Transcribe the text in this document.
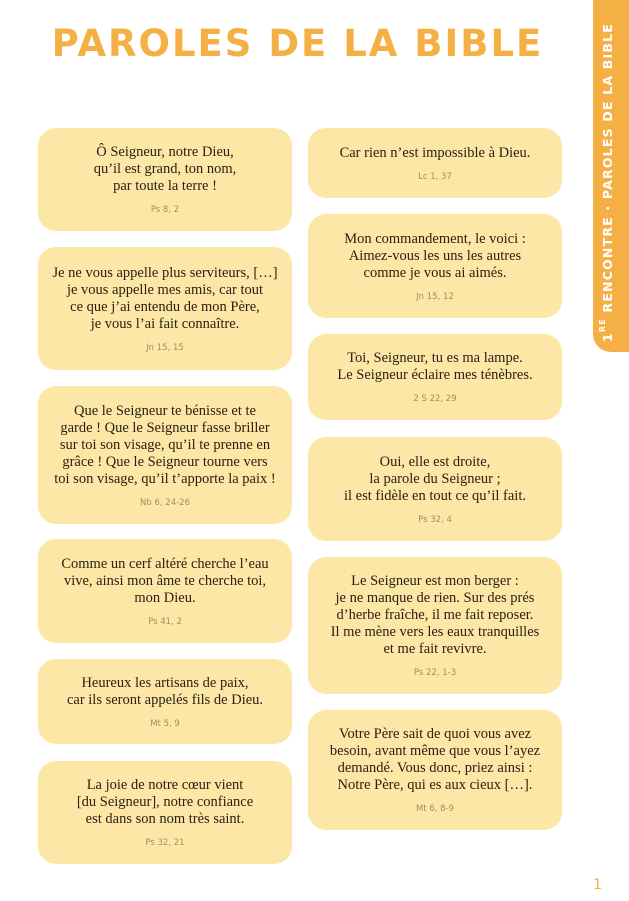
PAROLES DE LA BIBLE
1RE RENCONTRE · PAROLES DE LA BIBLE
Ô Seigneur, notre Dieu,
qu’il est grand, ton nom,
par toute la terre !
Ps 8, 2
Je ne vous appelle plus serviteurs, […]
je vous appelle mes amis, car tout
ce que j’ai entendu de mon Père,
je vous l’ai fait connaître.
Jn 15, 15
Que le Seigneur te bénisse et te
garde ! Que le Seigneur fasse briller
sur toi son visage, qu’il te prenne en
grâce ! Que le Seigneur tourne vers
toi son visage, qu’il t’apporte la paix !
Nb 6, 24-26
Comme un cerf altéré cherche l’eau
vive, ainsi mon âme te cherche toi,
mon Dieu.
Ps 41, 2
Heureux les artisans de paix,
car ils seront appelés fils de Dieu.
Mt 5, 9
La joie de notre cœur vient
[du Seigneur], notre confiance
est dans son nom très saint.
Ps 32, 21
Car rien n’est impossible à Dieu.
Lc 1, 37
Mon commandement, le voici :
Aimez-vous les uns les autres
comme je vous ai aimés.
Jn 15, 12
Toi, Seigneur, tu es ma lampe.
Le Seigneur éclaire mes ténèbres.
2 S 22, 29
Oui, elle est droite,
la parole du Seigneur ;
il est fidèle en tout ce qu’il fait.
Ps 32, 4
Le Seigneur est mon berger :
je ne manque de rien. Sur des prés
d’herbe fraîche, il me fait reposer.
Il me mène vers les eaux tranquilles
et me fait revivre.
Ps 22, 1-3
Votre Père sait de quoi vous avez
besoin, avant même que vous l’ayez
demandé. Vous donc, priez ainsi :
Notre Père, qui es aux cieux […].
Mt 6, 8-9
1
